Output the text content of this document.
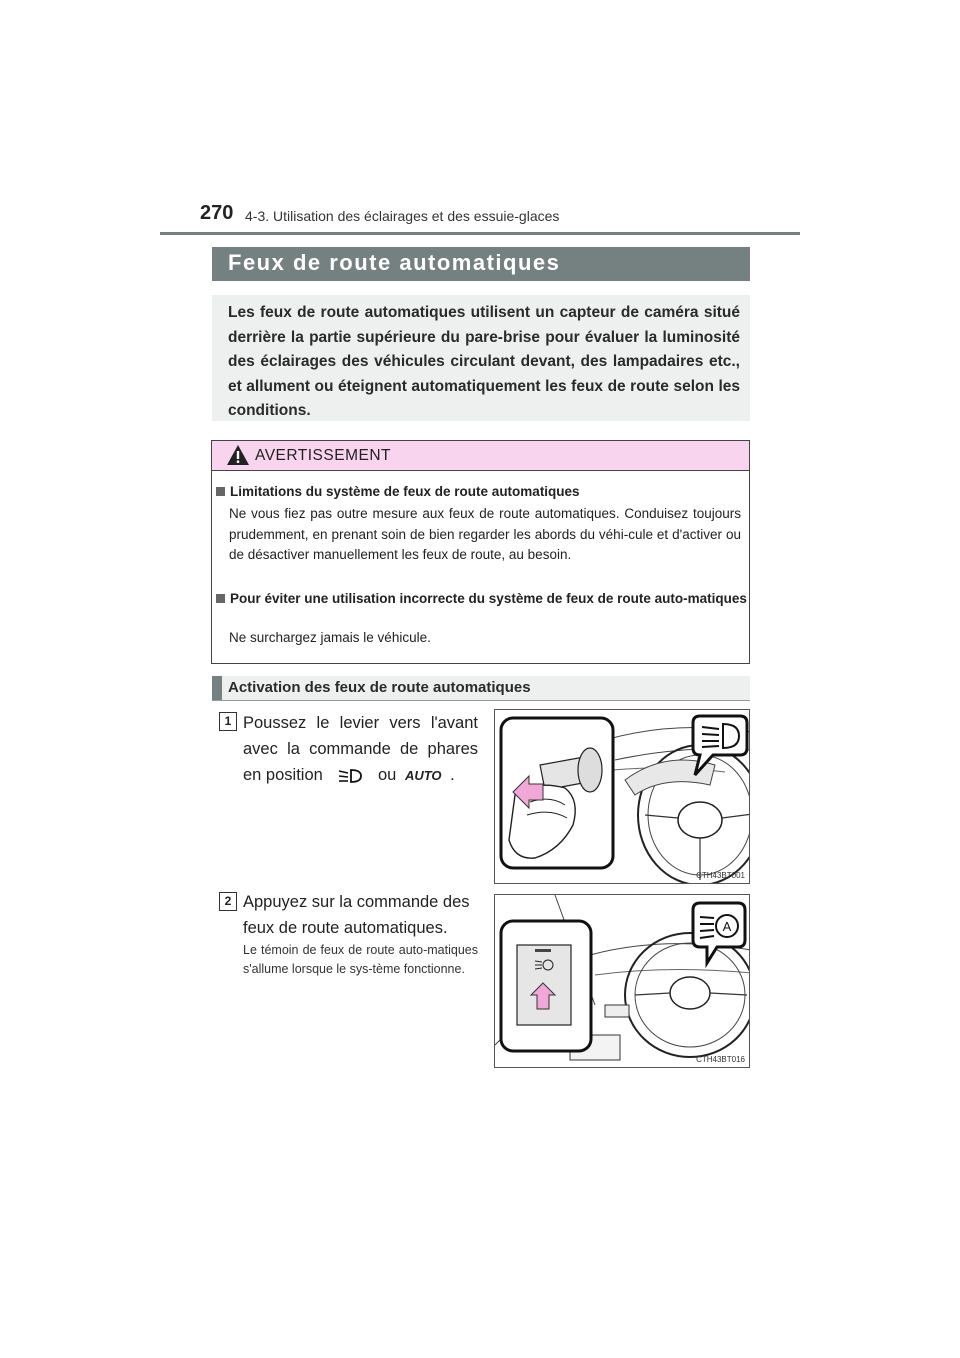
270 4-3. Utilisation des éclairages et des essuie-glaces
Feux de route automatiques
Les feux de route automatiques utilisent un capteur de caméra situé derrière la partie supérieure du pare-brise pour évaluer la luminosité des éclairages des véhicules circulant devant, des lampadaires etc., et allument ou éteignent automatiquement les feux de route selon les conditions.
AVERTISSEMENT
Limitations du système de feux de route automatiques
Ne vous fiez pas outre mesure aux feux de route automatiques. Conduisez toujours prudemment, en prenant soin de bien regarder les abords du véhi-cule et d'activer ou de désactiver manuellement les feux de route, au besoin.
Pour éviter une utilisation incorrecte du système de feux de route auto-matiques
Ne surchargez jamais le véhicule.
Activation des feux de route automatiques
1 Poussez le levier vers l'avant avec la commande de phares en position	ou AUTO .
CTH43BT001
2 Appuyez sur la commande des feux de route automatiques.
Le témoin de feux de route auto-matiques s'allume lorsque le sys-tème fonctionne.
A
CTH43BT016
